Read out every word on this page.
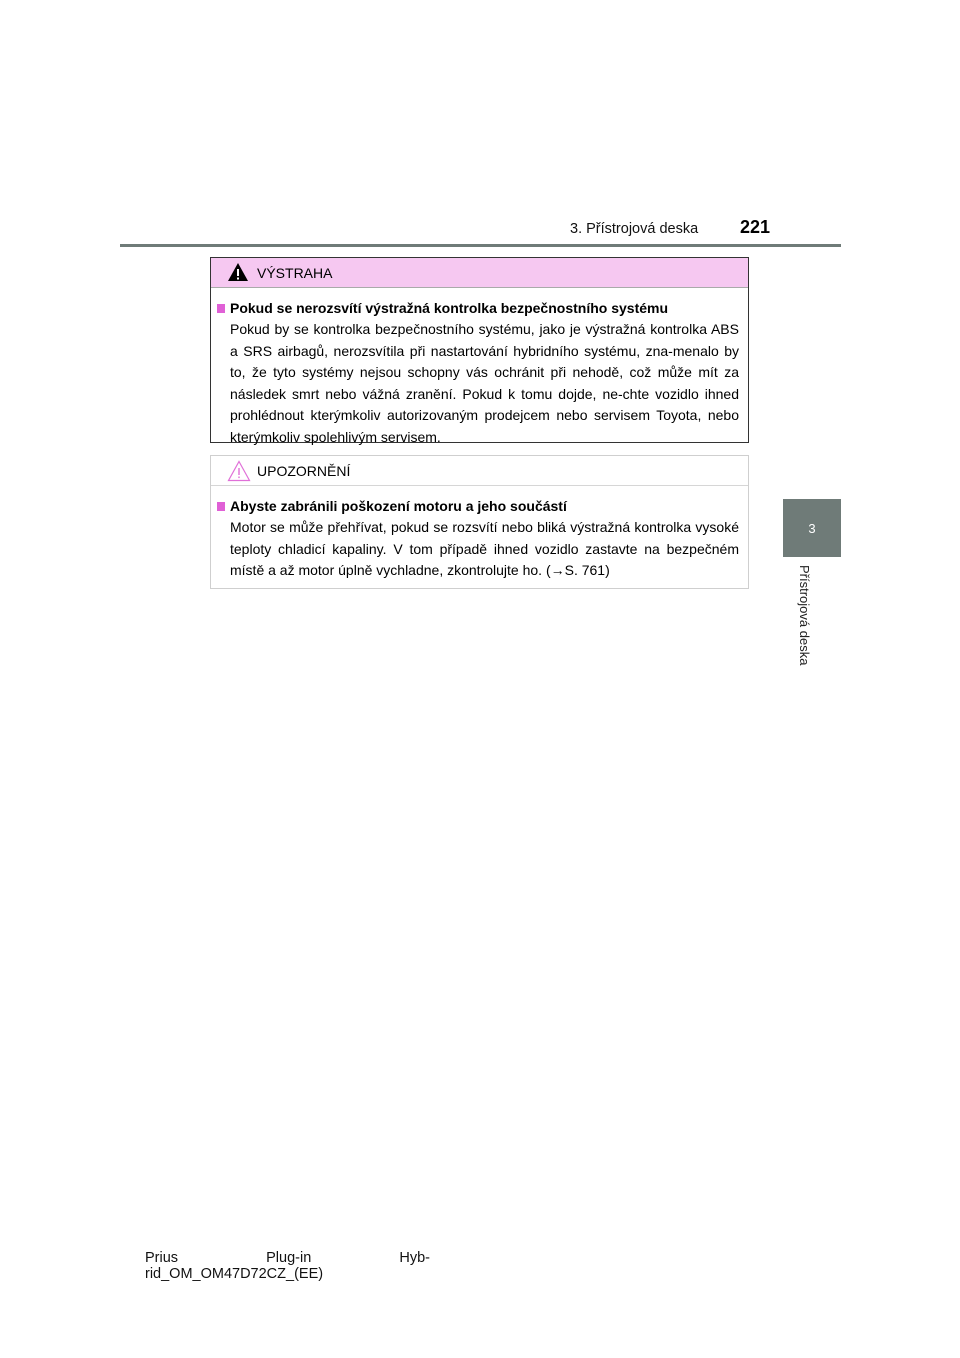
3. Přístrojová deska 221
3
Přístrojová deska
VÝSTRAHA
Pokud se nerozsvítí výstražná kontrolka bezpečnostního systému

Pokud by se kontrolka bezpečnostního systému, jako je výstražná kontrolka ABS a SRS airbagů, nerozsvítila při nastartování hybridního systému, zna-menalo by to, že tyto systémy nejsou schopny vás ochránit při nehodě, což může mít za následek smrt nebo vážná zranění. Pokud k tomu dojde, ne-chte vozidlo ihned prohlédnout kterýmkoliv autorizovaným prodejcem nebo servisem Toyota, nebo kterýmkoliv spolehlivým servisem.

UPOZORNĚNÍ
Abyste zabránili poškození motoru a jeho součástí

Motor se může přehřívat, pokud se rozsvítí nebo bliká výstražná kontrolka vysoké teploty chladicí kapaliny. V tom případě ihned vozidlo zastavte na bezpečném místě a až motor úplně vychladne, zkontrolujte ho. (→S. 761)

Prius	Plug-in	Hyb-
rid_OM_OM47D72CZ_(EE)
